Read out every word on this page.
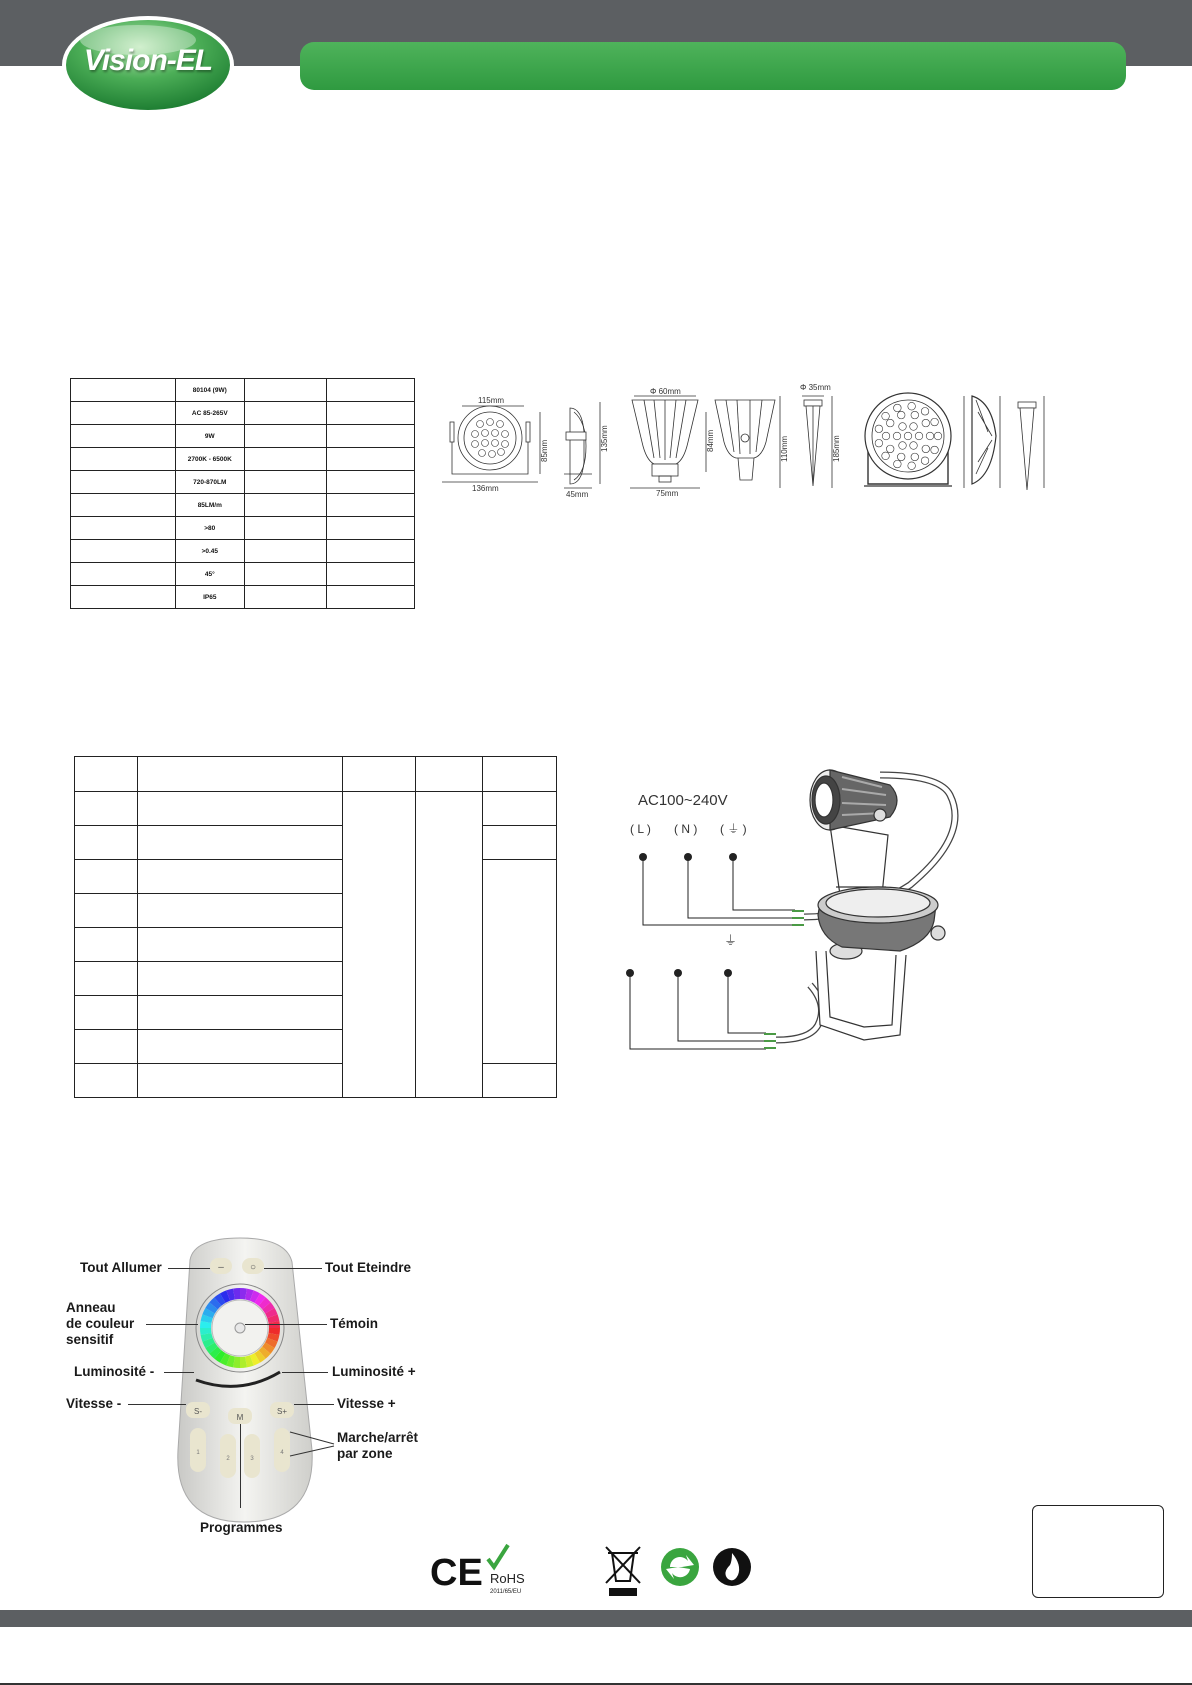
Vision-EL
	80104 (9W)		
	AC 85-265V		
	9W		
	2700K - 6500K		
	720-870LM		
	85LM/m		
	>80		
	>0.45		
	45°		
	IP65		
115mm
136mm
85mm	135mm
45mm
Φ 60mm
75mm
84mm	110mm
Φ 35mm
185mm

AC100~240V
( L ) ( N ) ( ⏚ )
⏚
–	○
S-
M
S+
1
2	3
4
Tout Allumer	Tout Eteindre
Anneau
de couleur
sensitif
Témoin
Luminosité -	Luminosité +
Vitesse -	Vitesse +
Marche/arrêt
par zone
Programmes
CE RoHS
2011/65/EU
